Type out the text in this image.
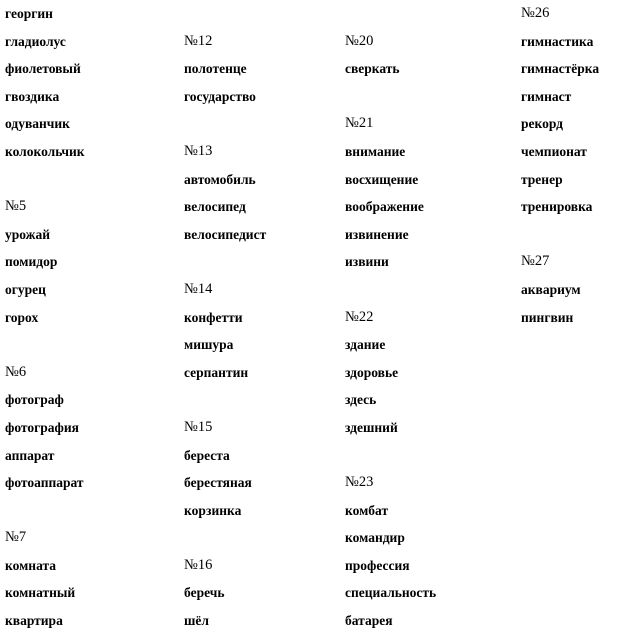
георгин
гладиолус
фиолетовый
гвоздика
одуванчик
колокольчик
№5
урожай
помидор
огурец
горох
№6
фотограф
фотография
аппарат
фотоаппарат
№7
комната
комнатный
квартира
№12
полотенце
государство
№13
автомобиль
велосипед
велосипедист
№14
конфетти
мишура
серпантин
№15
береста
берестяная
корзинка
№16
беречь
шёл
№20
сверкать
№21
внимание
восхищение
воображение
извинение
извини
№22
здание
здоровье
здесь
здешний
№23
комбат
командир
профессия
специальность
батарея
№26
гимнастика
гимнастёрка
гимнаст
рекорд
чемпионат
тренер
тренировка
№27
аквариум
пингвин
